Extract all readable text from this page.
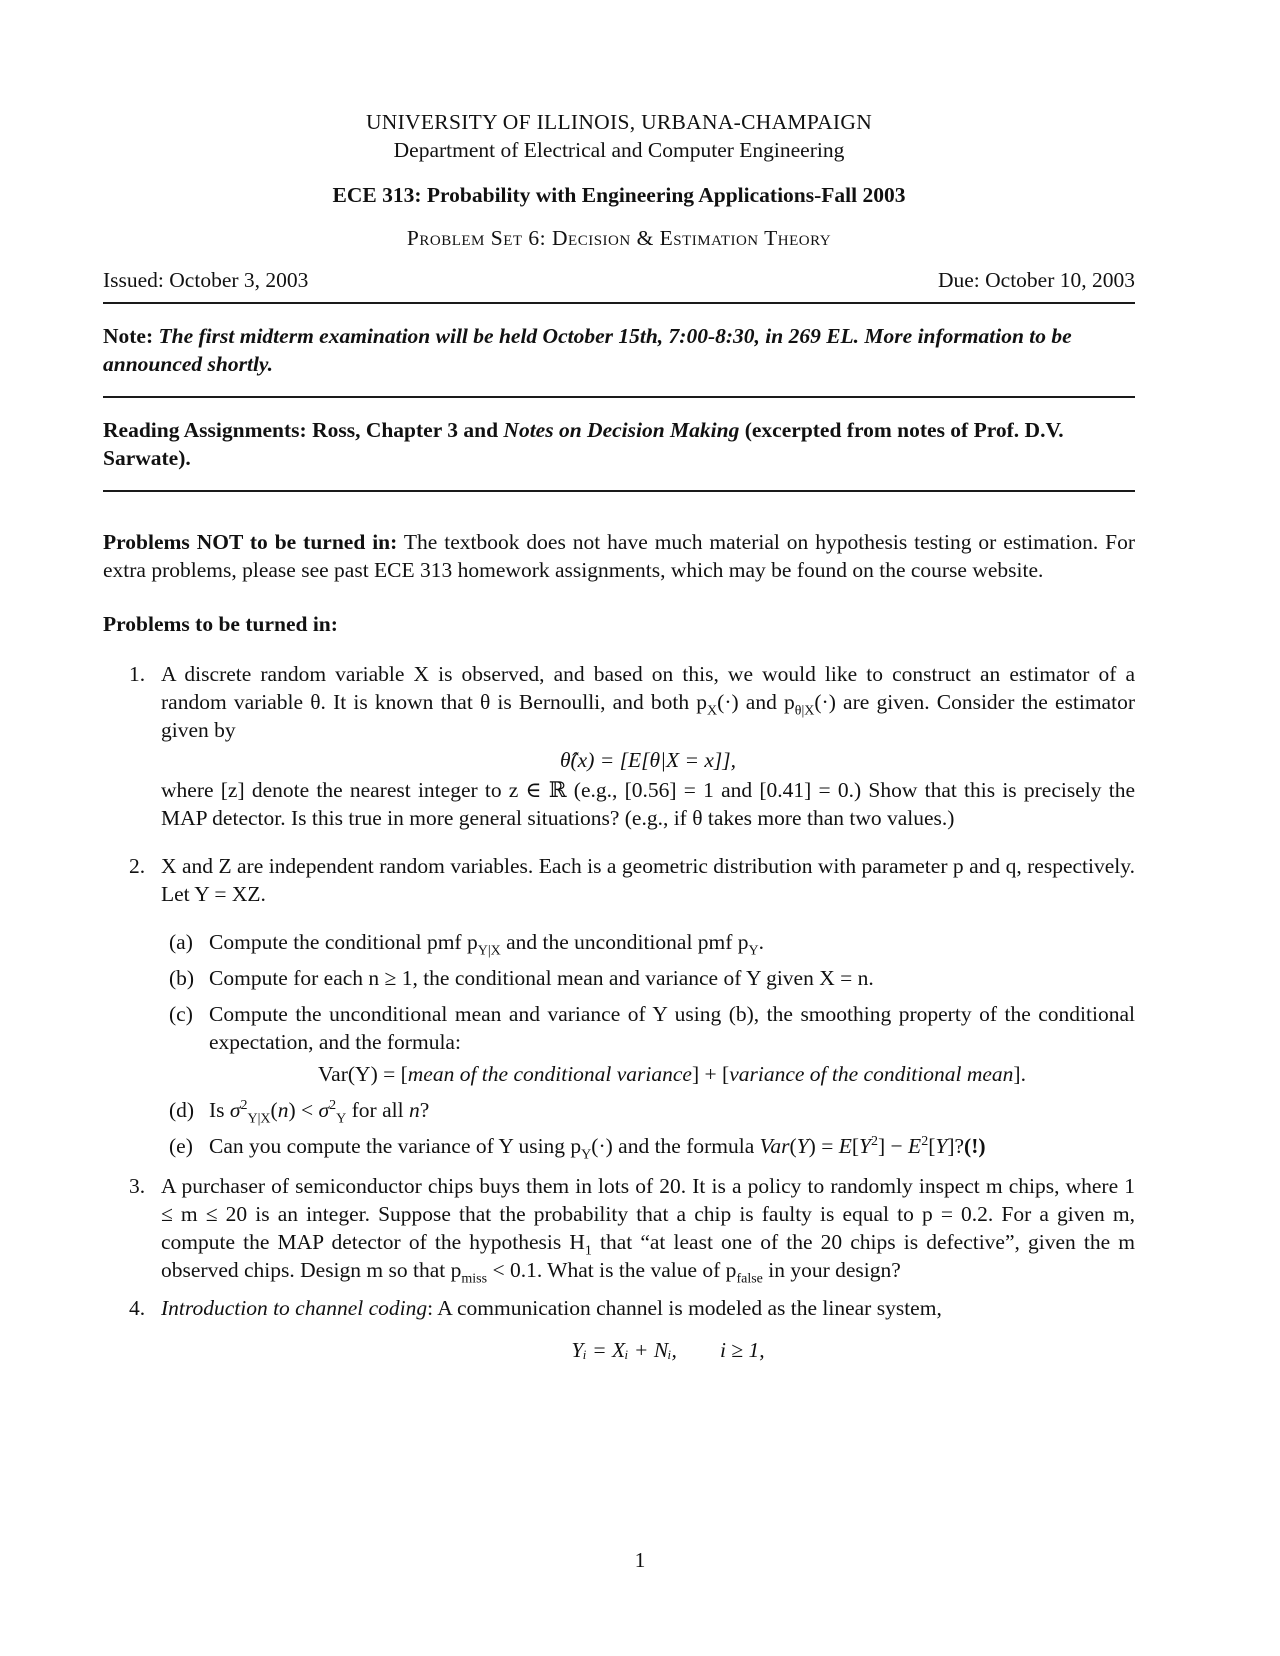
UNIVERSITY OF ILLINOIS, URBANA-CHAMPAIGN
Department of Electrical and Computer Engineering
ECE 313: Probability with Engineering Applications-Fall 2003
Problem Set 6: Decision & Estimation Theory
Issued: October 3, 2003	Due: October 10, 2003
Note: The first midterm examination will be held October 15th, 7:00-8:30, in 269 EL. More information to be announced shortly.
Reading Assignments: Ross, Chapter 3 and Notes on Decision Making (excerpted from notes of Prof. D.V. Sarwate).
Problems NOT to be turned in: The textbook does not have much material on hypothesis testing or estimation. For extra problems, please see past ECE 313 homework assignments, which may be found on the course website.
Problems to be turned in:
1. A discrete random variable X is observed, and based on this, we would like to construct an estimator of a random variable θ. It is known that θ is Bernoulli, and both $p_X(\cdot)$ and $p_{\theta|X}(\cdot)$ are given. Consider the estimator given by
θ̂(x) = [E[θ|X = x]],
where [z] denote the nearest integer to z ∈ ℝ (e.g., [0.56] = 1 and [0.41] = 0.) Show that this is precisely the MAP detector. Is this true in more general situations? (e.g., if θ takes more than two values.)
2. X and Z are independent random variables. Each is a geometric distribution with parameter p and q, respectively. Let Y = XZ.
(a) Compute the conditional pmf $p_{Y|X}$ and the unconditional pmf $p_Y$.
(b) Compute for each n ≥ 1, the conditional mean and variance of Y given X = n.
(c) Compute the unconditional mean and variance of Y using (b), the smoothing property of the conditional expectation, and the formula:
Var(Y) = [mean of the conditional variance] + [variance of the conditional mean].
(d) Is $\sigma^2_{Y|X}(n) < \sigma^2_Y$ for all n?
(e) Can you compute the variance of Y using $p_Y(\cdot)$ and the formula $Var(Y) = E[Y^2]$ − $E^2[Y]?(!)$
3. A purchaser of semiconductor chips buys them in lots of 20. It is a policy to randomly inspect m chips, where 1 ≤ m ≤ 20 is an integer. Suppose that the probability that a chip is faulty is equal to p = 0.2. For a given m, compute the MAP detector of the hypothesis $H_1$ that “at least one of the 20 chips is defective”, given the m observed chips. Design m so that $p_{miss} < 0.1$. What is the value of $p_{false}$ in your design?
4. Introduction to channel coding: A communication channel is modeled as the linear system,
Yᵢ = Xᵢ + Nᵢ, i ≥ 1,
1
